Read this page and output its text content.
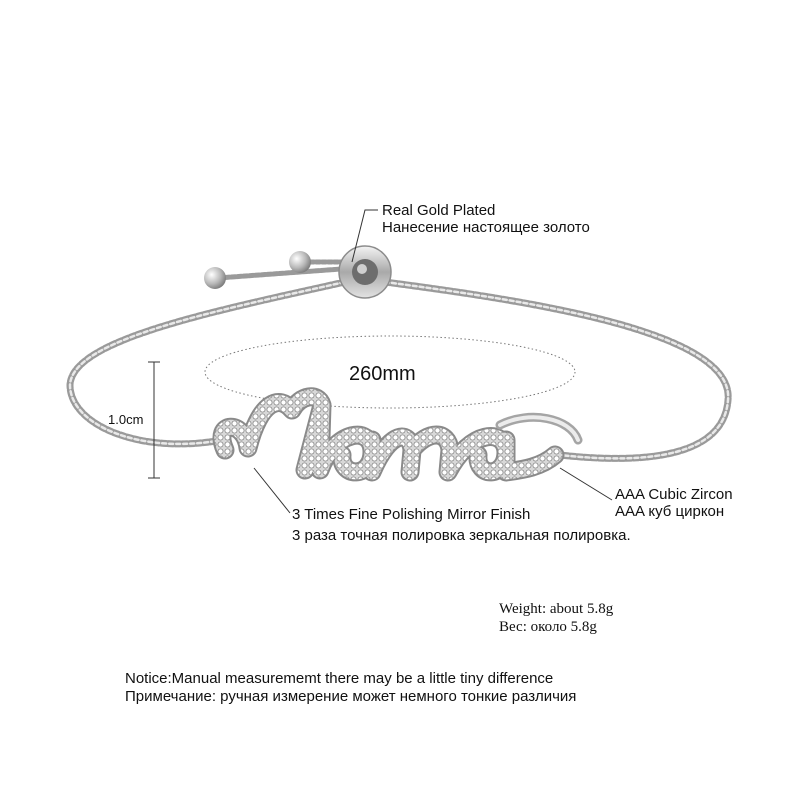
Real Gold Plated
Нанесение настоящее золото
260mm
1.0cm
AAA Cubic Zircon
AAA куб циркон
3 Times Fine Polishing Mirror Finish
3 раза точная полировка зеркальная полировка.
Weight: about 5.8g
Вес: около 5.8g
Notice:Manual measurememt there may be a little tiny difference
Примечание: ручная измерение может немного тонкие различия
